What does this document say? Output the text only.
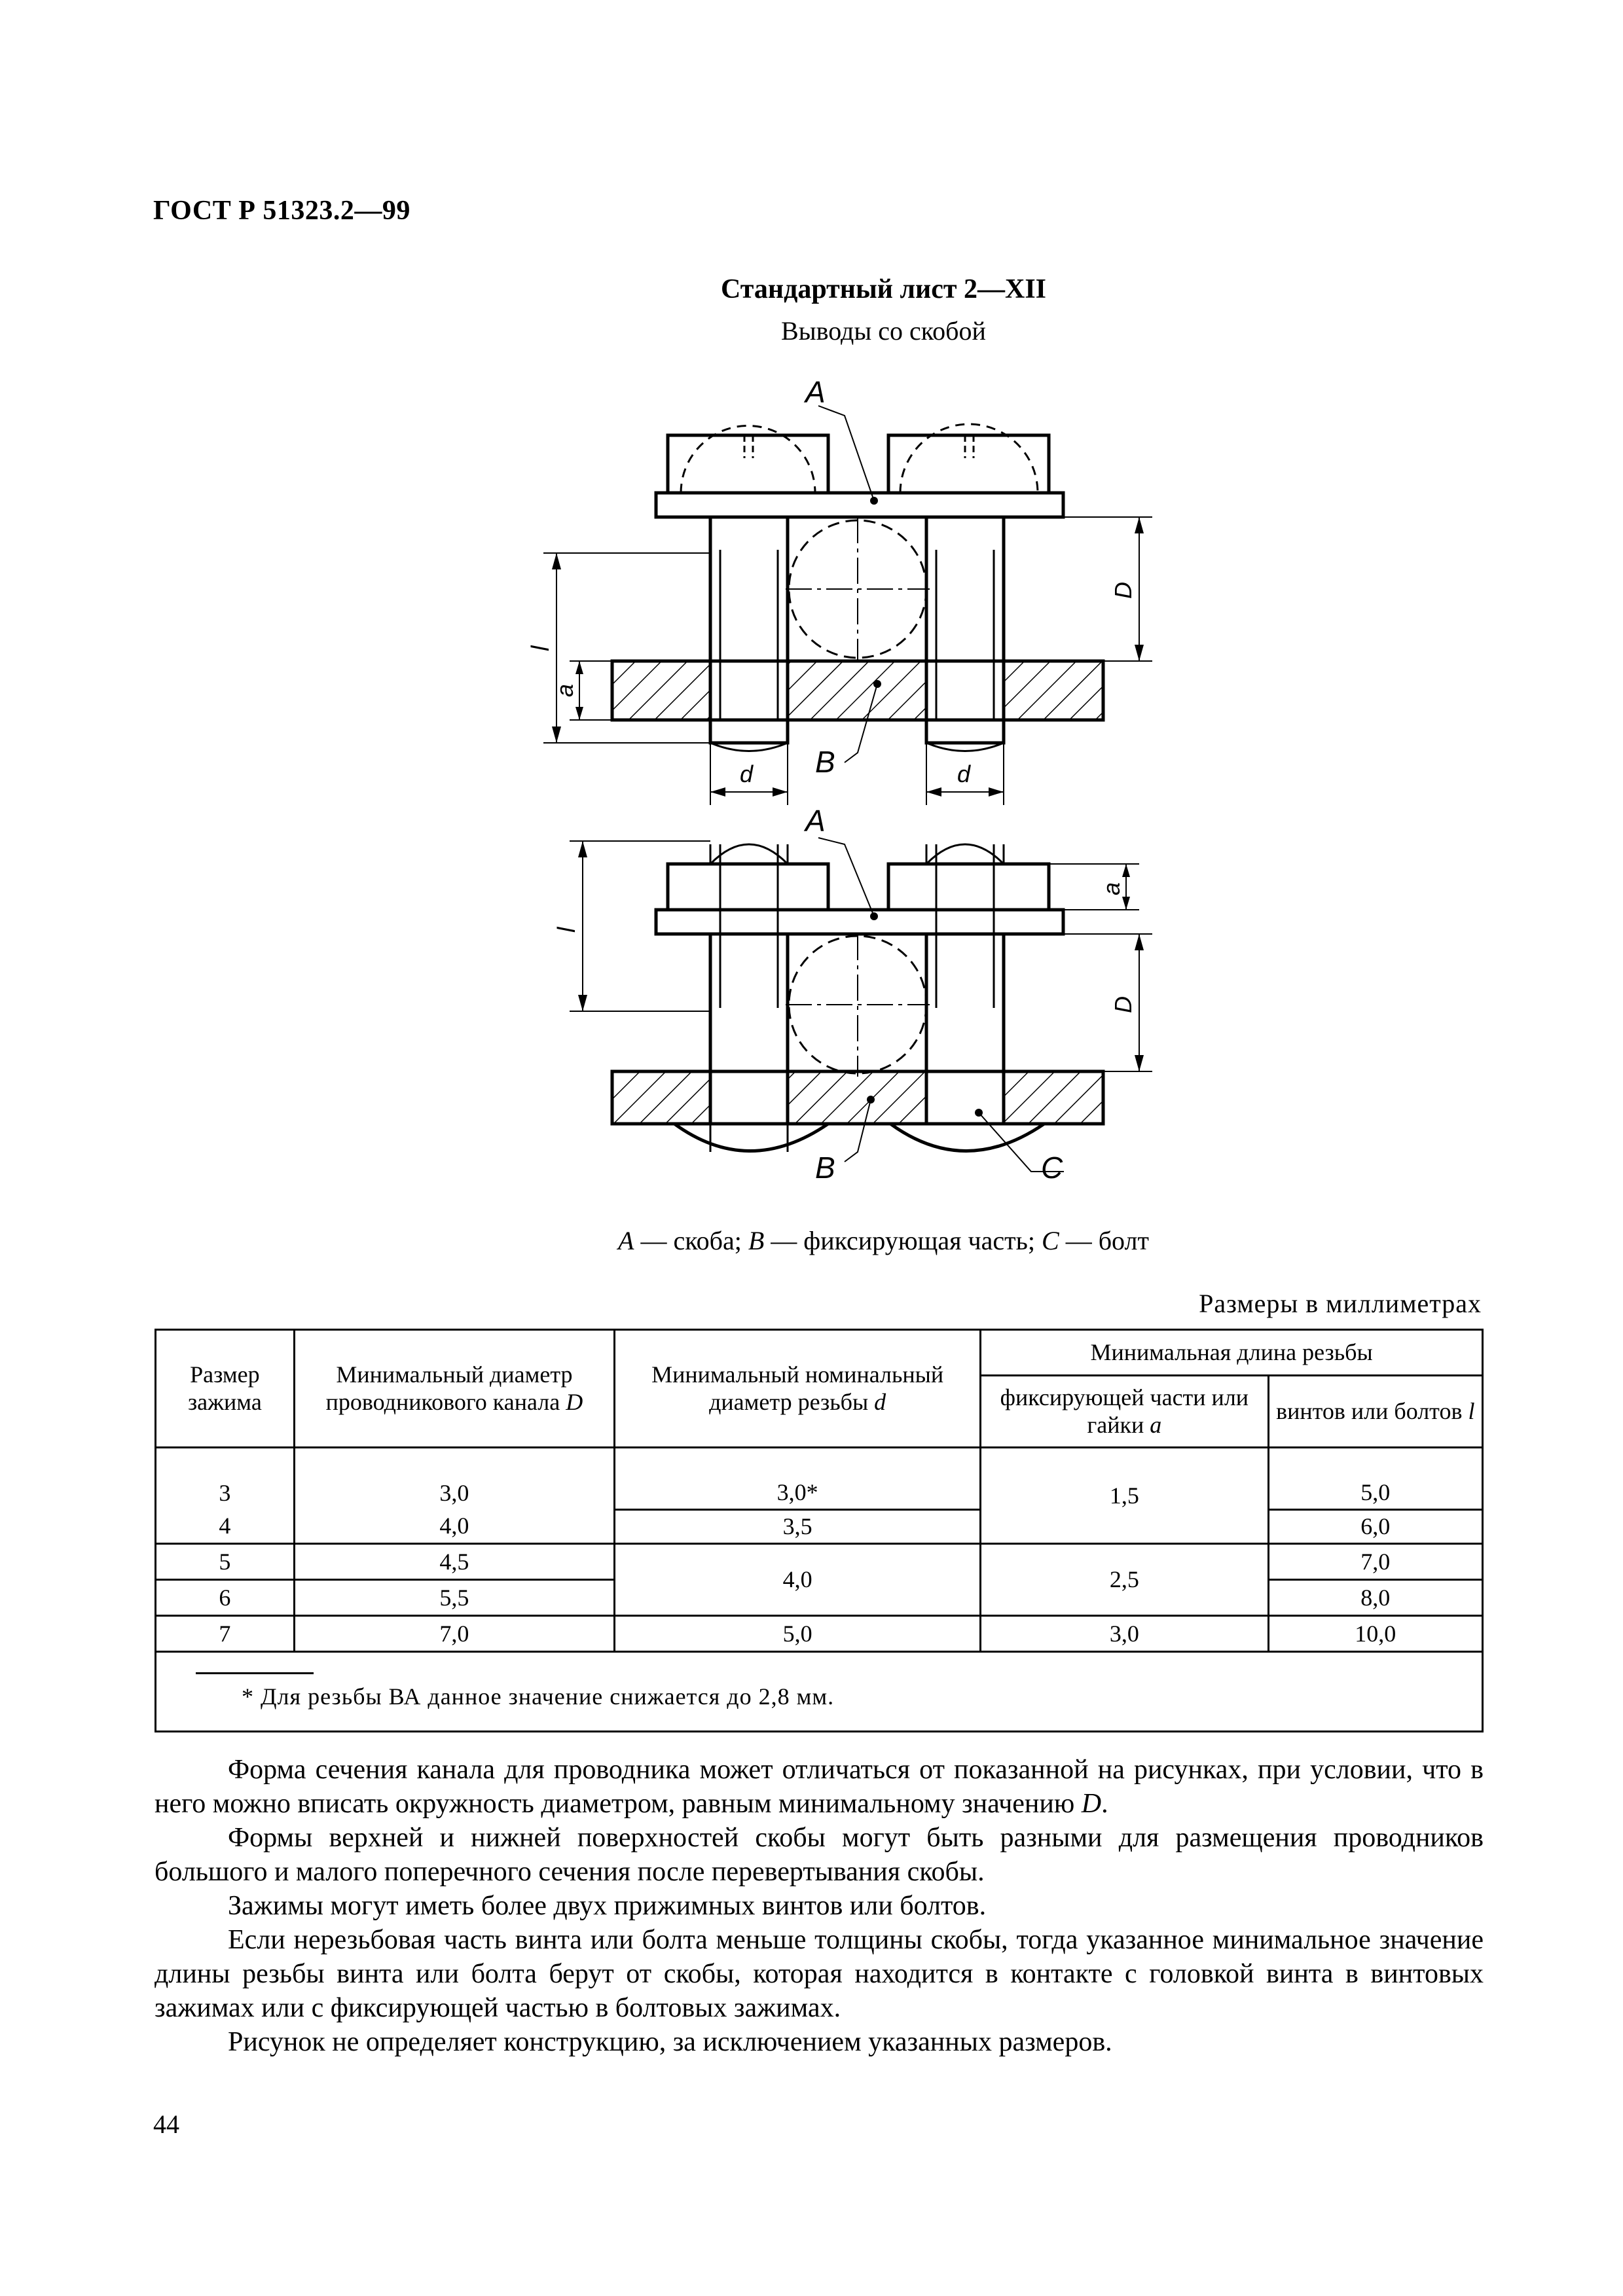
ГОСТ Р 51323.2—99
Стандартный лист 2—XII
Выводы со скобой
A
B
A
B	C
d	d
l
a
D
l
a
D
A — скоба; B — фиксирующая часть; C — болт
Размеры в миллиметрах
Размер зажима	Минимальный диаметр проводникового канала D	Минимальный номинальный диаметр резьбы d	Минимальная длина резьбы	
			фиксирующей части или гайки a	винтов или болтов l
3	3,0	3,0*	1,5	5,0
4	4,0	3,5		6,0
5	4,5	4,0	2,5	7,0
6	5,5			8,0
7	7,0	5,0	3,0	10,0

* Для резьбы ВА данное значение снижается до 2,8 мм.				

Форма сечения канала для проводника может отличаться от показанной на рисунках, при условии, что в него можно вписать окружность диаметром, равным минимальному значению D.

Формы верхней и нижней поверхностей скобы могут быть разными для размещения проводников большого и малого поперечного сечения после перевертывания скобы.

Зажимы могут иметь более двух прижимных винтов или болтов.

Если нерезьбовая часть винта или болта меньше толщины скобы, тогда указанное минимальное значение длины резьбы винта или болта берут от скобы, которая находится в контакте с головкой винта в винтовых зажимах или с фиксирующей частью в болтовых зажимах.

Рисунок не определяет конструкцию, за исключением указанных размеров.

44
